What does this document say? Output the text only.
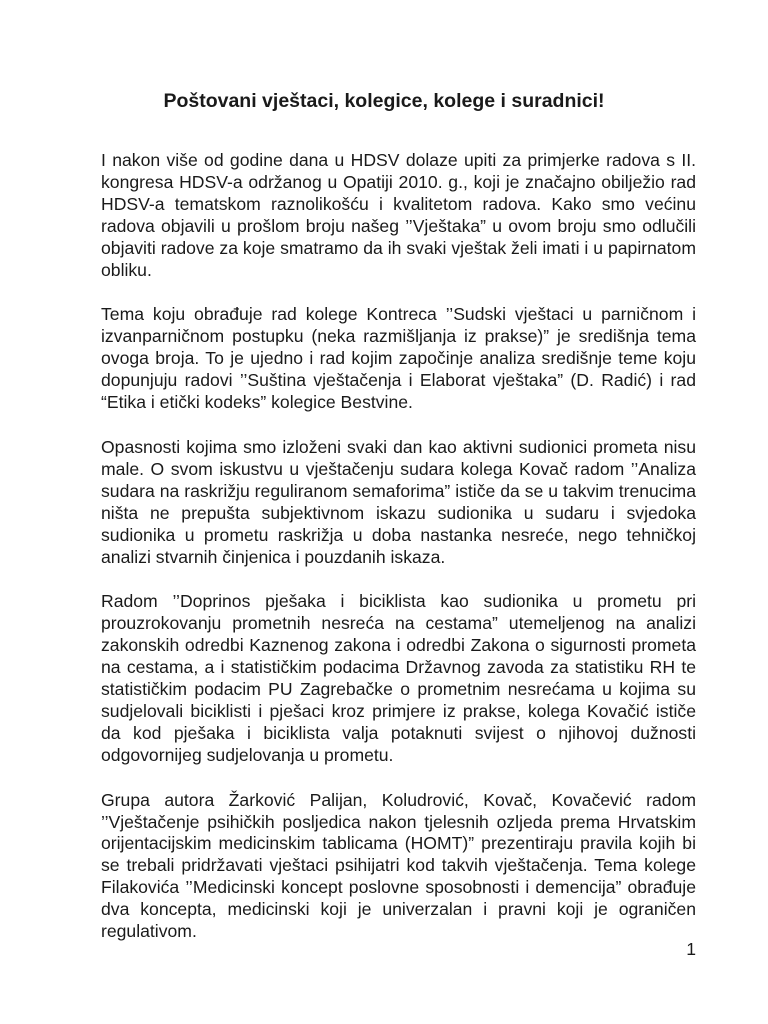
Poštovani vještaci, kolegice, kolege i suradnici!

I nakon više od godine dana u HDSV dolaze upiti za primjerke radova s II. kongresa HDSV-a održanog u Opatiji 2010. g., koji je značajno obilježio rad HDSV-a tematskom raznolikošću i kvalitetom radova. Kako smo većinu radova objavili u prošlom broju našeg ’’Vještaka” u ovom broju smo odlučili objaviti radove za koje smatramo da ih svaki vještak želi imati i u papirnatom obliku.

Tema koju obrađuje rad kolege Kontreca ’’Sudski vještaci u parničnom i izvanparničnom postupku (neka razmišljanja iz prakse)” je središnja tema ovoga broja. To je ujedno i rad kojim započinje analiza središnje teme koju dopunjuju radovi ’’Suština vještačenja i Elaborat vještaka” (D. Radić) i rad “Etika i etički kodeks” kolegice Bestvine.

Opasnosti kojima smo izloženi svaki dan kao aktivni sudionici prometa nisu male. O svom iskustvu u vještačenju sudara kolega Kovač radom ’’Analiza sudara na raskrižju reguliranom semaforima” ističe da se u takvim trenucima ništa ne prepušta subjektivnom iskazu sudionika u sudaru i svjedoka sudionika u prometu raskrižja u doba nastanka nesreće, nego tehničkoj analizi stvarnih činjenica i pouzdanih iskaza.

Radom ’’Doprinos pješaka i biciklista kao sudionika u prometu pri prouzrokovanju prometnih nesreća na cestama” utemeljenog na analizi zakonskih odredbi Kaznenog zakona i odredbi Zakona o sigurnosti prometa na cestama, a i statističkim podacima Državnog zavoda za statistiku RH te statističkim podacim PU Zagrebačke o prometnim nesrećama u kojima su sudjelovali biciklisti i pješaci kroz primjere iz prakse, kolega Kovačić ističe da kod pješaka i biciklista valja potaknuti svijest o njihovoj dužnosti odgovornijeg sudjelovanja u prometu.

Grupa autora Žarković Palijan, Koludrović, Kovač, Kovačević radom ’’Vještačenje psihičkih posljedica nakon tjelesnih ozljeda prema Hrvatskim orijentacijskim medicinskim tablicama (HOMT)” prezentiraju pravila kojih bi se trebali pridržavati vještaci psihijatri kod takvih vještačenja. Tema kolege Filakovića ’’Medicinski koncept poslovne sposobnosti i demencija” obrađuje dva koncepta, medicinski koji je univerzalan i pravni koji je ograničen regulativom.

1
